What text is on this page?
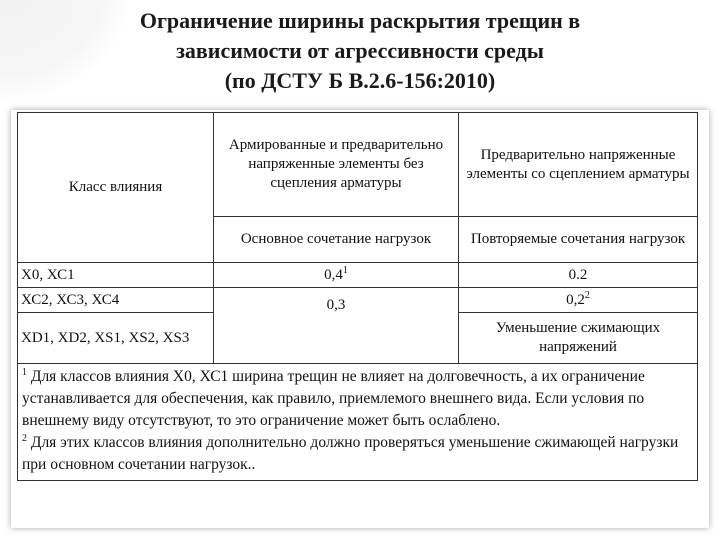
Ограничение ширины раскрытия трещин в
зависимости от агрессивности среды
(по ДСТУ Б В.2.6-156:2010)
Класс влияния	Армированные и предварительно напряженные элементы без сцепления арматуры	Предварительно напряженные элементы со сцеплением арматуры
	Основное сочетание нагрузок	Повторяемые сочетания нагрузок
Х0, ХС1	$0,4^1$	0.2
ХС2, ХС3, ХС4	0,3	$0,2^2$
XD1, XD2, XS1, XS2, XS3		Уменьшение сжимающих напряжений

$^1$ Для классов влияния Х0, ХС1 ширина трещин не влияет на долговечность, а их ограничение устанавливается для обеспечения, как правило, приемлемого внешнего вида. Если условия по внешнему виду отсутствуют, то это ограничение может быть ослаблено.

$^2$ Для этих классов влияния дополнительно должно проверяться уменьшение сжимающей нагрузки при основном сочетании нагрузок..		
